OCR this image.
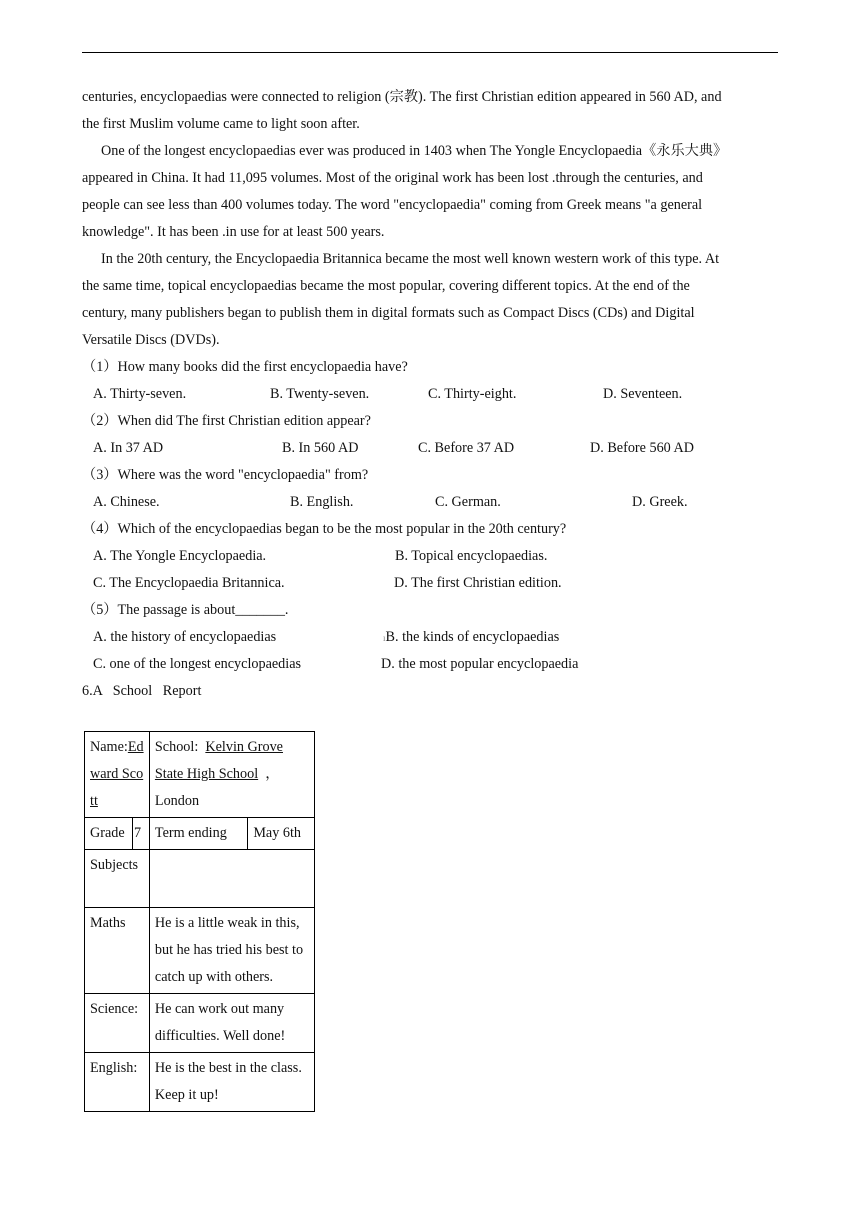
centuries, encyclopaedias were connected to religion (宗教). The first Christian edition appeared in 560 AD, and
the first Muslim volume came to light soon after.
One of the longest encyclopaedias ever was produced in 1403 when The Yongle Encyclopaedia《永乐大典》
appeared in China. It had 11,095 volumes. Most of the original work has been lost .through the centuries, and
people can see less than 400 volumes today. The word "encyclopaedia" coming from Greek means "a general
knowledge". It has been .in use for at least 500 years.
In the 20th century, the Encyclopaedia Britannica became the most well known western work of this type. At
the same time, topical encyclopaedias became the most popular, covering different topics. At the end of the
century, many publishers began to publish them in digital formats such as Compact Discs (CDs) and Digital
Versatile Discs (DVDs).
（1）How many books did the first encyclopaedia have?
A. Thirty-seven.	B. Twenty-seven.	C. Thirty-eight.	D. Seventeen.
（2）When did The first Christian edition appear?
A. In 37 AD	B. In 560 AD	C. Before 37 AD	D. Before 560 AD
（3）Where was the word "encyclopaedia" from?
A. Chinese.	B. English.	C. German.	D. Greek.
（4）Which of the encyclopaedias began to be the most popular in the 20th century?
A. The Yongle Encyclopaedia.	B. Topical encyclopaedias.
C. The Encyclopaedia Britannica.	D. The first Christian edition.
（5）The passage is about_______.
A. the history of encyclopaedias	ıB. the kinds of encyclopaedias
C. one of the longest encyclopaedias	D. the most popular encyclopaedia
6.A   School   Report
Name:Edward Scott		School: Kelvin Grove State High School ，London	
Grade	7	Term ending	May 6th
Subjects			
Maths		He is a little weak in this, but he has tried his best to catch up with others.	
Science:		He can work out many difficulties. Well done!	
English:		He is the best in the class. Keep it up!	
